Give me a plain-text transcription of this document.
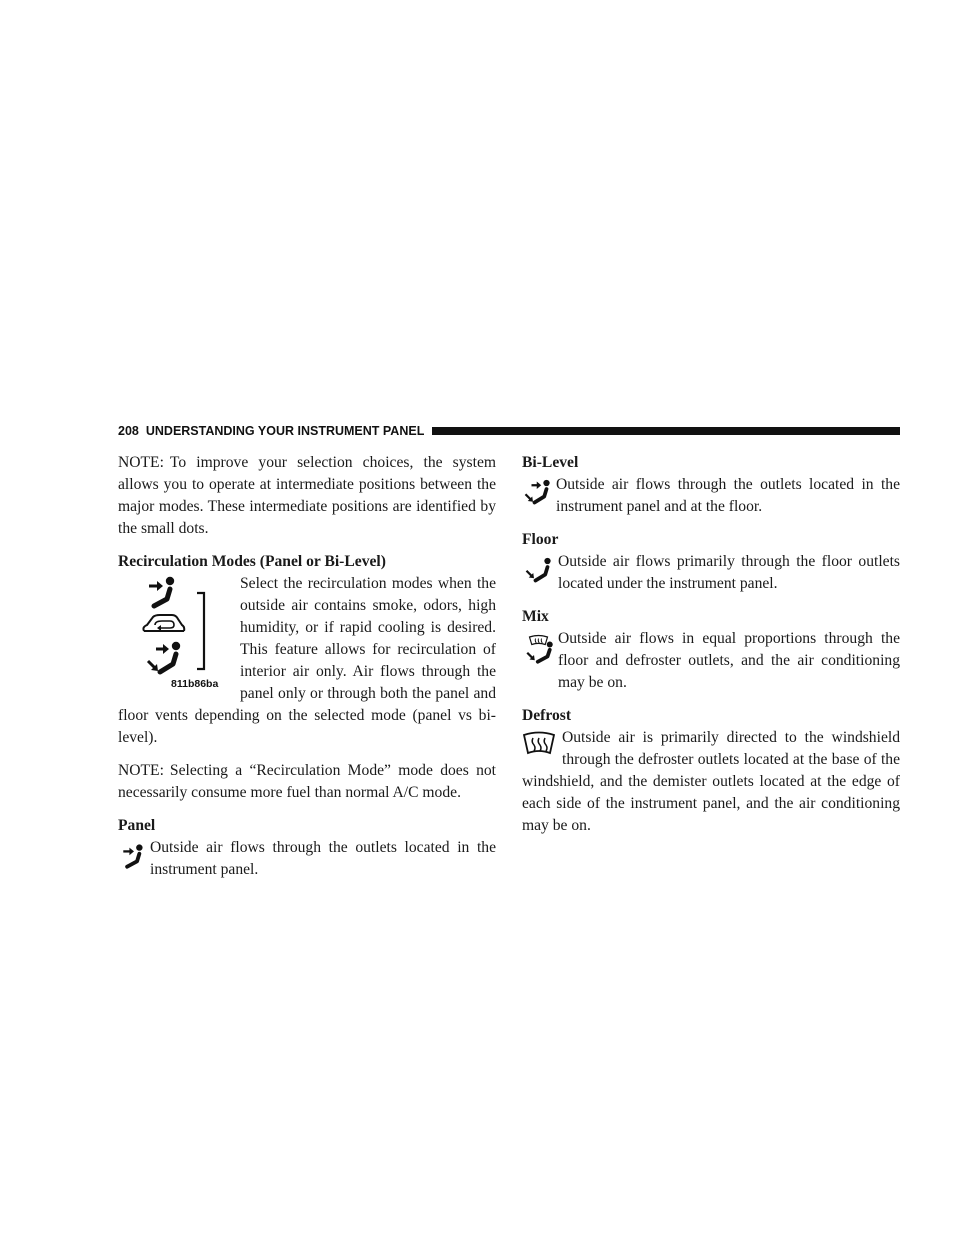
208 UNDERSTANDING YOUR INSTRUMENT PANEL

NOTE: To improve your selection choices, the system allows you to operate at intermediate positions between the major modes. These intermediate positions are identified by the small dots.

Recirculation Modes (Panel or Bi-Level)
811b86ba

Select the recirculation modes when the outside air contains smoke, odors, high humidity, or if rapid cooling is desired. This feature allows for recirculation of interior air only. Air flows through the panel only or through both the panel and floor vents depending on the selected mode (panel vs bi-level).

NOTE: Selecting a “Recirculation Mode” mode does not necessarily consume more fuel than normal A/C mode.

Panel

Outside air flows through the outlets located in the instrument panel.

Bi-Level

Outside air flows through the outlets located in the instrument panel and at the floor.

Floor

Outside air flows primarily through the floor outlets located under the instrument panel.

Mix

Outside air flows in equal proportions through the floor and defroster outlets, and the air conditioning may be on.

Defrost

Outside air is primarily directed to the windshield through the defroster outlets located at the base of the windshield, and the demister outlets located at the edge of each side of the instrument panel, and the air conditioning may be on.
